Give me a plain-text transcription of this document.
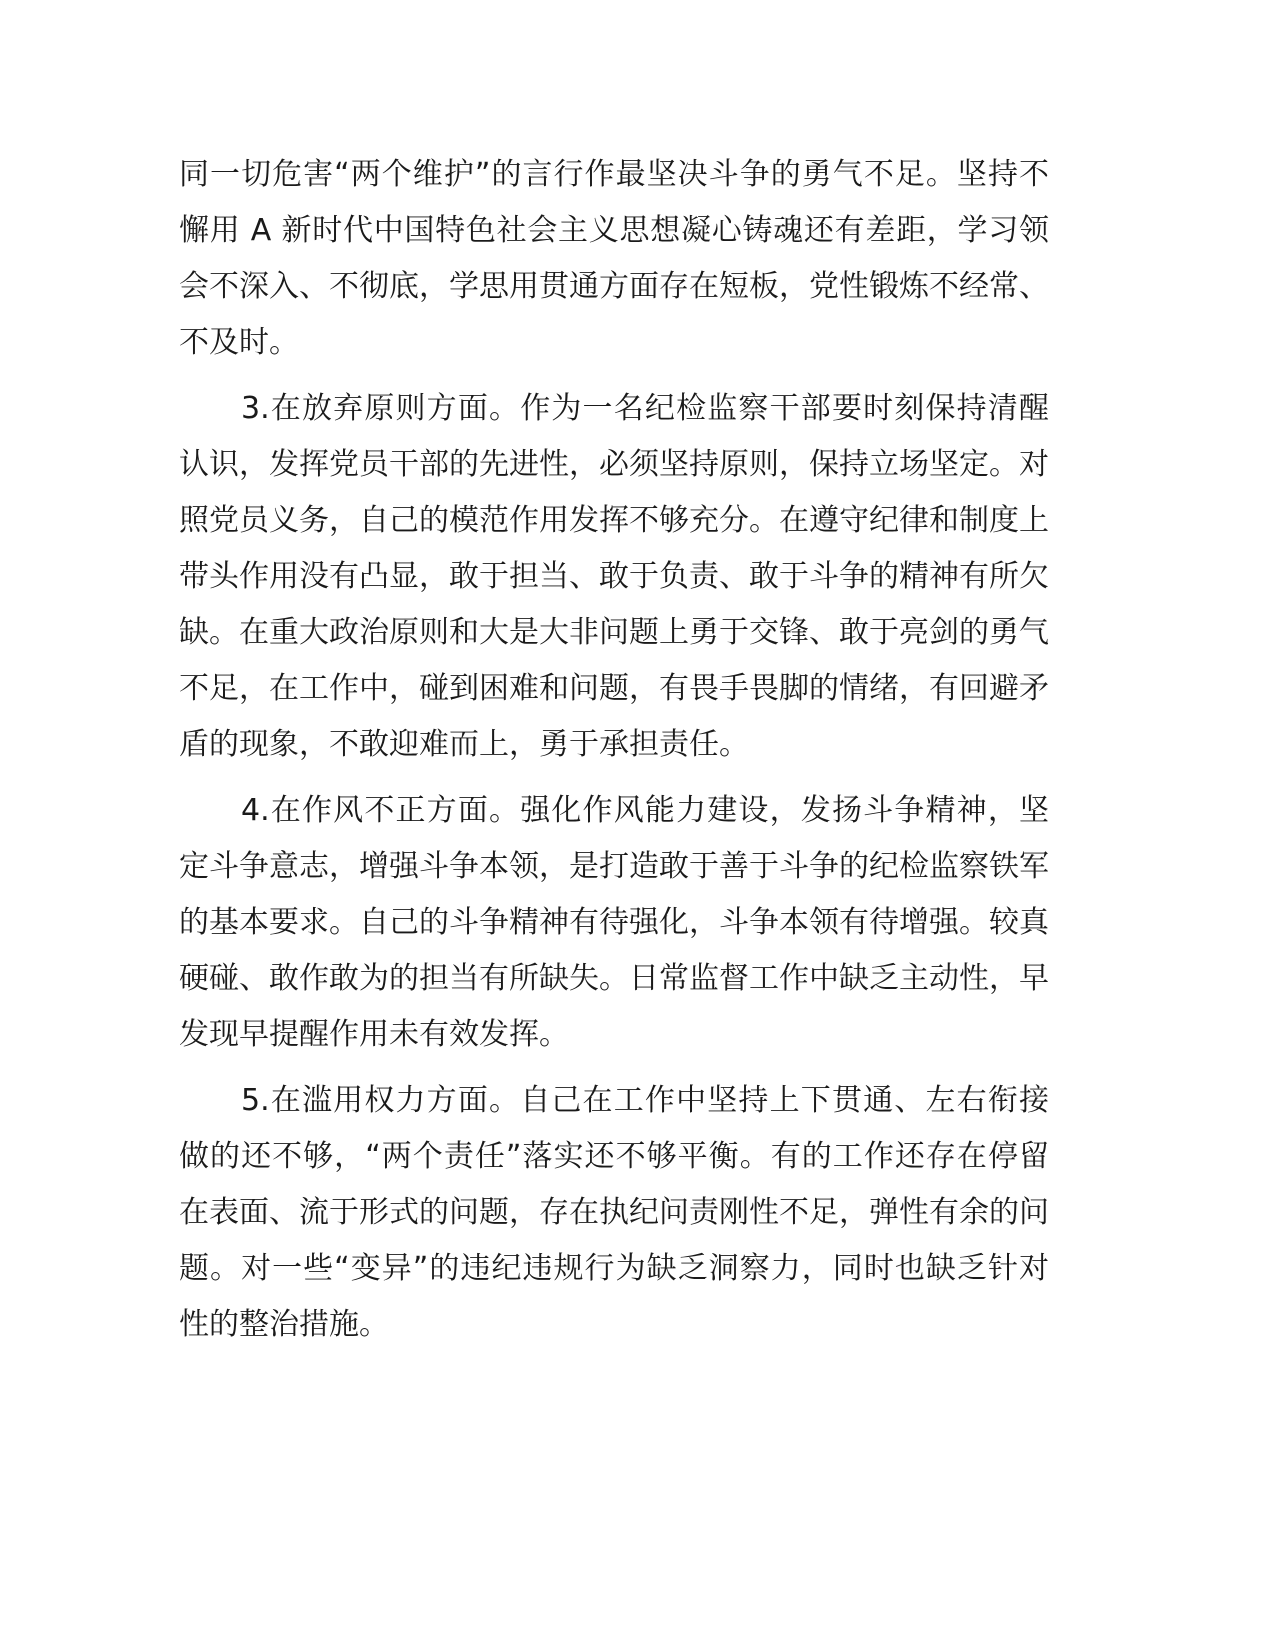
同一切危害“两个维护”的言行作最坚决斗争的勇气不足。坚持不懈用 A 新时代中国特色社会主义思想凝心铸魂还有差距，学习领会不深入、不彻底，学思用贯通方面存在短板，党性锻炼不经常、不及时。

3.在放弃原则方面。作为一名纪检监察干部要时刻保持清醒认识，发挥党员干部的先进性，必须坚持原则，保持立场坚定。对照党员义务，自己的模范作用发挥不够充分。在遵守纪律和制度上带头作用没有凸显，敢于担当、敢于负责、敢于斗争的精神有所欠缺。在重大政治原则和大是大非问题上勇于交锋、敢于亮剑的勇气不足，在工作中，碰到困难和问题，有畏手畏脚的情绪，有回避矛盾的现象，不敢迎难而上，勇于承担责任。

4.在作风不正方面。强化作风能力建设，发扬斗争精神，坚定斗争意志，增强斗争本领，是打造敢于善于斗争的纪检监察铁军的基本要求。自己的斗争精神有待强化，斗争本领有待增强。较真硬碰、敢作敢为的担当有所缺失。日常监督工作中缺乏主动性，早发现早提醒作用未有效发挥。

5.在滥用权力方面。自己在工作中坚持上下贯通、左右衔接做的还不够，“两个责任”落实还不够平衡。有的工作还存在停留在表面、流于形式的问题，存在执纪问责刚性不足，弹性有余的问题。对一些“变异”的违纪违规行为缺乏洞察力，同时也缺乏针对性的整治措施。
